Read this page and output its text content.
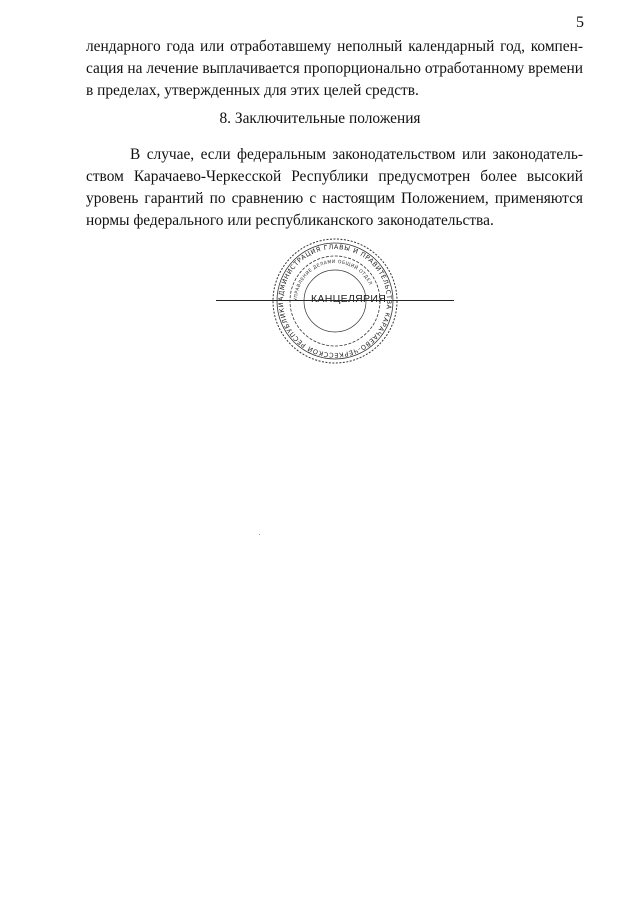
5
лендарного года или отработавшему неполный календарный год, компен-
сация на лечение выплачивается пропорционально отработанному времени
в пределах, утвержденных для этих целей средств.
8. Заключительные положения
В случае, если федеральным законодательством или законодатель-
ством Карачаево-Черкесской Республики предусмотрен более высокий
уровень гарантий по сравнению с настоящим Положением, применяются
нормы федерального или республиканского законодательства.
АДМИНИСТРАЦИЯ ГЛАВЫ И ПРАВИТЕЛЬСТВА КАРАЧАЕВО-ЧЕРКЕССКОЙ РЕСПУБЛИКИ
УПРАВЛЕНИЕ ДЕЛАМИ ОБЩИЙ ОТДЕЛ
КАНЦЕЛЯРИЯ
